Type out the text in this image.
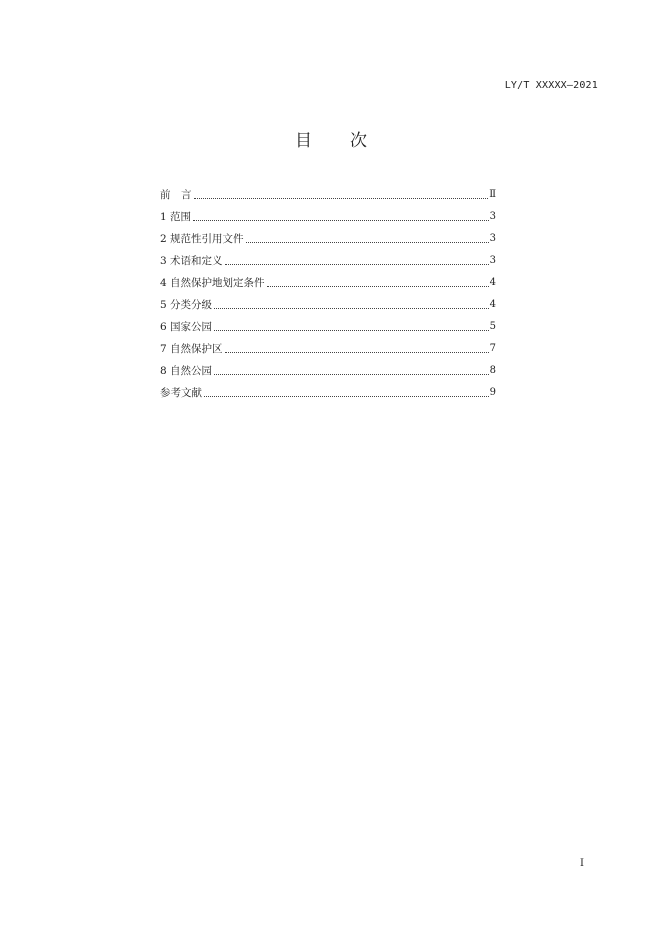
LY/T XXXXX—2021
目 次
前　言	Ⅱ
1 范围	3
2 规范性引用文件	3
3 术语和定义	3
4 自然保护地划定条件	4
5 分类分级	4
6 国家公园	5
7 自然保护区	7
8 自然公园	8
参考文献	9
I
